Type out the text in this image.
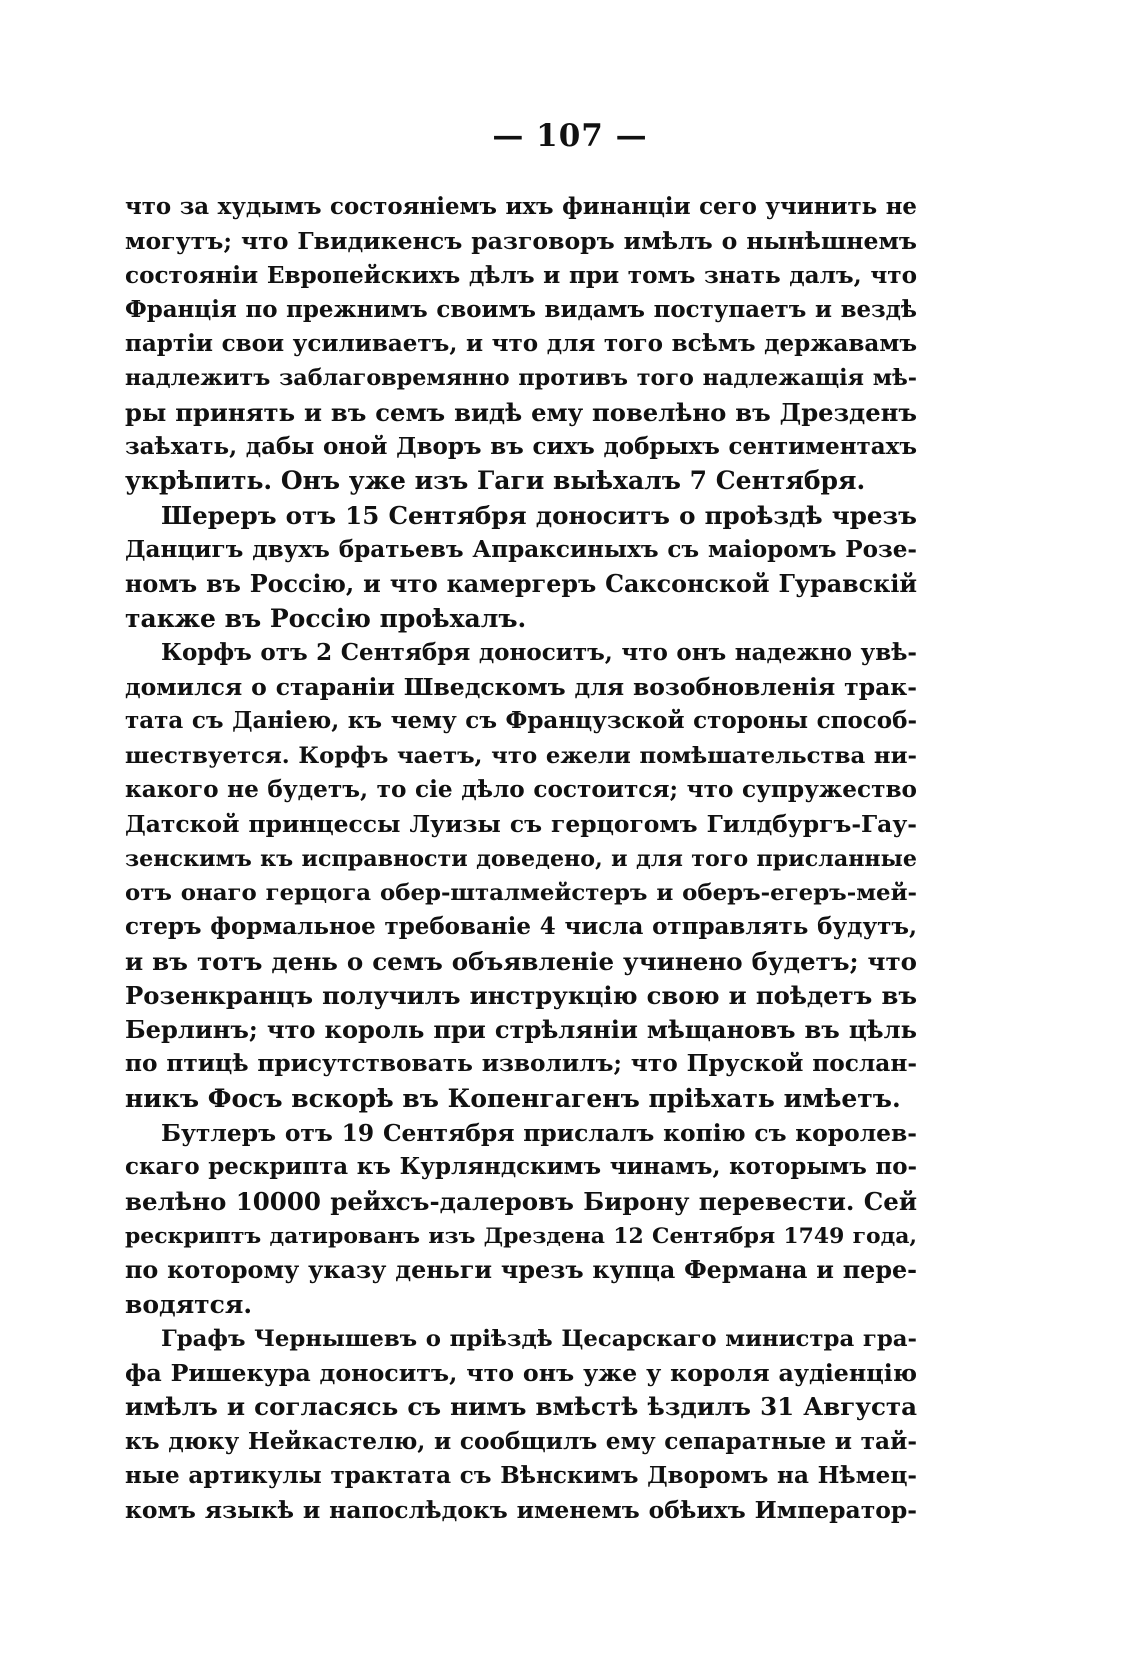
— 107 —
что за худымъ состояніемъ ихъ финанціи сего учинить не
могутъ; что Гвидикенсъ разговоръ имѣлъ о нынѣшнемъ
состояніи Европейскихъ дѣлъ и при томъ знать далъ, что
Франція по прежнимъ своимъ видамъ поступаетъ и вездѣ
партіи свои усиливаетъ, и что для того всѣмъ державамъ
надлежитъ заблаговремянно противъ того надлежащія мѣ-
ры принять и въ семъ видѣ ему повелѣно въ Дрезденъ
заѣхать, дабы оной Дворъ въ сихъ добрыхъ сентиментахъ
укрѣпить. Онъ уже изъ Гаги выѣхалъ 7 Сентября.
Шереръ отъ 15 Сентября доноситъ о проѣздѣ чрезъ
Данцигъ двухъ братьевъ Апраксиныхъ съ маіоромъ Розе-
номъ въ Россію, и что камергеръ Саксонской Гуравскій
также въ Россію проѣхалъ.
Корфъ отъ 2 Сентября доноситъ, что онъ надежно увѣ-
домился о стараніи Шведскомъ для возобновленія трак-
тата съ Даніею, къ чему съ Французской стороны способ-
шествуется. Корфъ чаетъ, что ежели помѣшательства ни-
какого не будетъ, то сіе дѣло состоится; что супружество
Датской принцессы Луизы съ герцогомъ Гилдбургъ-Гау-
зенскимъ къ исправности доведено, и для того присланные
отъ онаго герцога обер-шталмейстеръ и оберъ-егеръ-мей-
стеръ формальное требованіе 4 числа отправлять будутъ,
и въ тотъ день о семъ объявленіе учинено будетъ; что
Розенкранцъ получилъ инструкцію свою и поѣдетъ въ
Берлинъ; что король при стрѣляніи мѣщановъ въ цѣль
по птицѣ присутствовать изволилъ; что Пруской послан-
никъ Фосъ вскорѣ въ Копенгагенъ пріѣхать имѣетъ.
Бутлеръ отъ 19 Сентября прислалъ копію съ королев-
скаго рескрипта къ Курляндскимъ чинамъ, которымъ по-
велѣно 10000 рейхсъ-далеровъ Бирону перевести. Сей
рескриптъ датированъ изъ Дрездена 12 Сентября 1749 года,
по которому указу деньги чрезъ купца Фермана и пере-
водятся.
Графъ Чернышевъ о пріѣздѣ Цесарскаго министра гра-
фа Ришекура доноситъ, что онъ уже у короля аудіенцію
имѣлъ и согласясь съ нимъ вмѣстѣ ѣздилъ 31 Августа
къ дюку Нейкастелю, и сообщилъ ему сепаратные и тай-
ные артикулы трактата съ Вѣнскимъ Дворомъ на Нѣмец-
комъ языкѣ и напослѣдокъ именемъ обѣихъ Император-
